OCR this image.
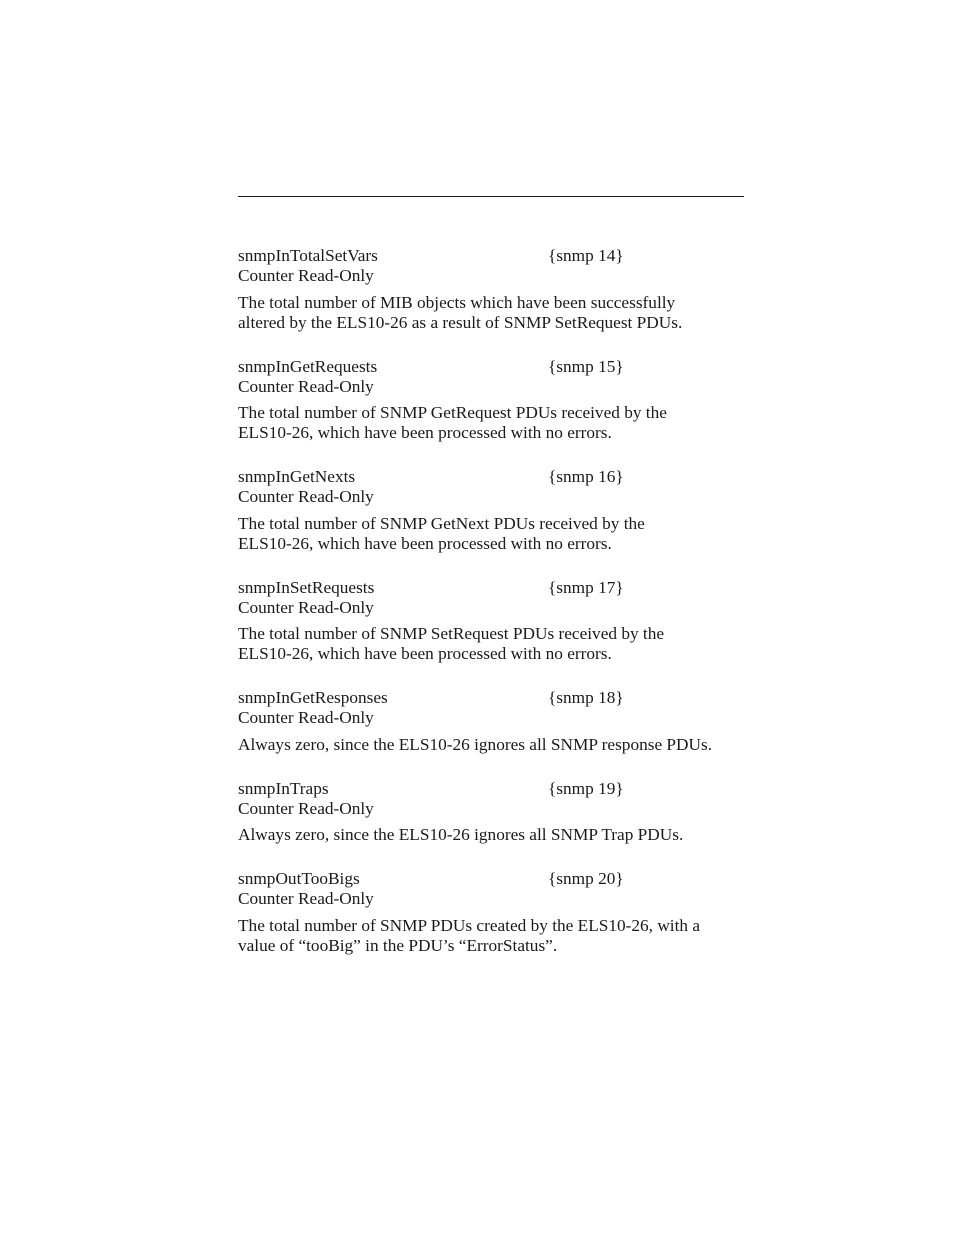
snmpInTotalSetVars	{snmp 14}
Counter Read-Only
The total number of MIB objects which have been successfully
altered by the ELS10-26 as a result of SNMP SetRequest PDUs.
snmpInGetRequests	{snmp 15}
Counter Read-Only
The total number of SNMP GetRequest PDUs received by the
ELS10-26, which have been processed with no errors.
snmpInGetNexts	{snmp 16}
Counter Read-Only
The total number of SNMP GetNext PDUs received by the
ELS10-26, which have been processed with no errors.
snmpInSetRequests	{snmp 17}
Counter Read-Only
The total number of SNMP SetRequest PDUs received by the
ELS10-26, which have been processed with no errors.
snmpInGetResponses	{snmp 18}
Counter Read-Only
Always zero, since the ELS10-26 ignores all SNMP response PDUs.
snmpInTraps	{snmp 19}
Counter Read-Only
Always zero, since the ELS10-26 ignores all SNMP Trap PDUs.
snmpOutTooBigs	{snmp 20}
Counter Read-Only
The total number of SNMP PDUs created by the ELS10-26, with a
value of “tooBig” in the PDU’s “ErrorStatus”.
